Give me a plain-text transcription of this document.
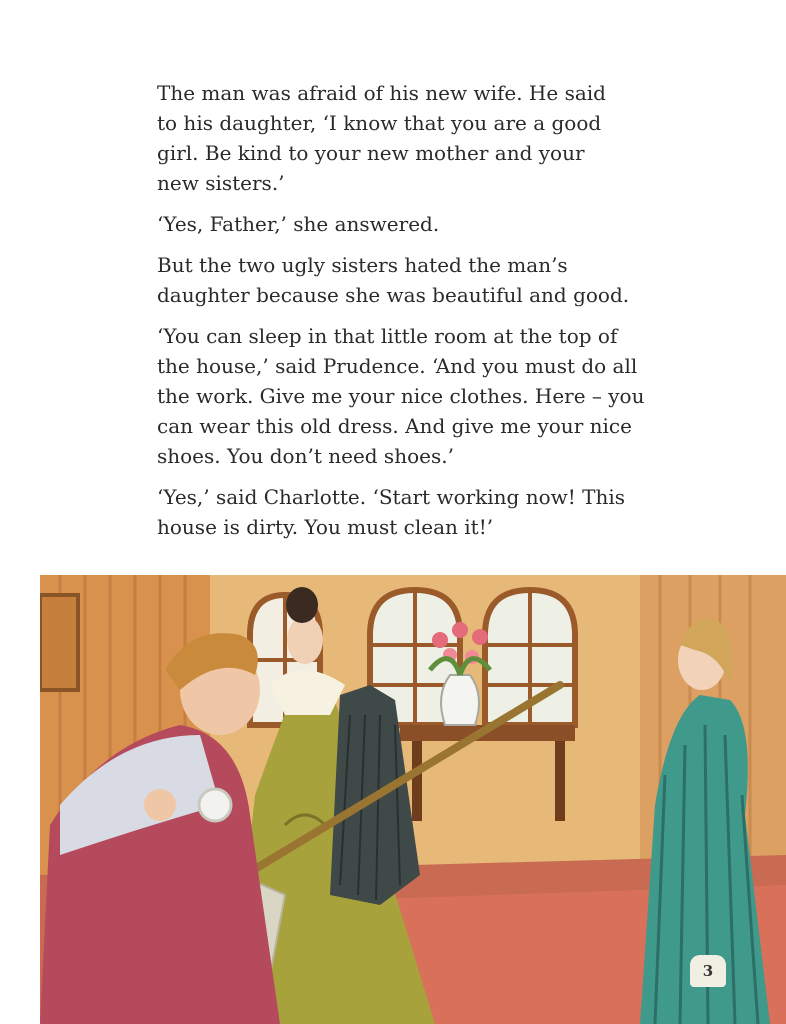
The man was afraid of his new wife. He said
to his daughter, ‘I know that you are a good
girl. Be kind to your new mother and your
new sisters.’

‘Yes, Father,’ she answered.

But the two ugly sisters hated the man’s
daughter because she was beautiful and good.

‘You can sleep in that little room at the top of
the house,’ said Prudence. ‘And you must do all
the work. Give me your nice clothes. Here – you
can wear this old dress. And give me your nice
shoes. You don’t need shoes.’

‘Yes,’ said Charlotte. ‘Start working now! This
house is dirty. You must clean it!’

3
